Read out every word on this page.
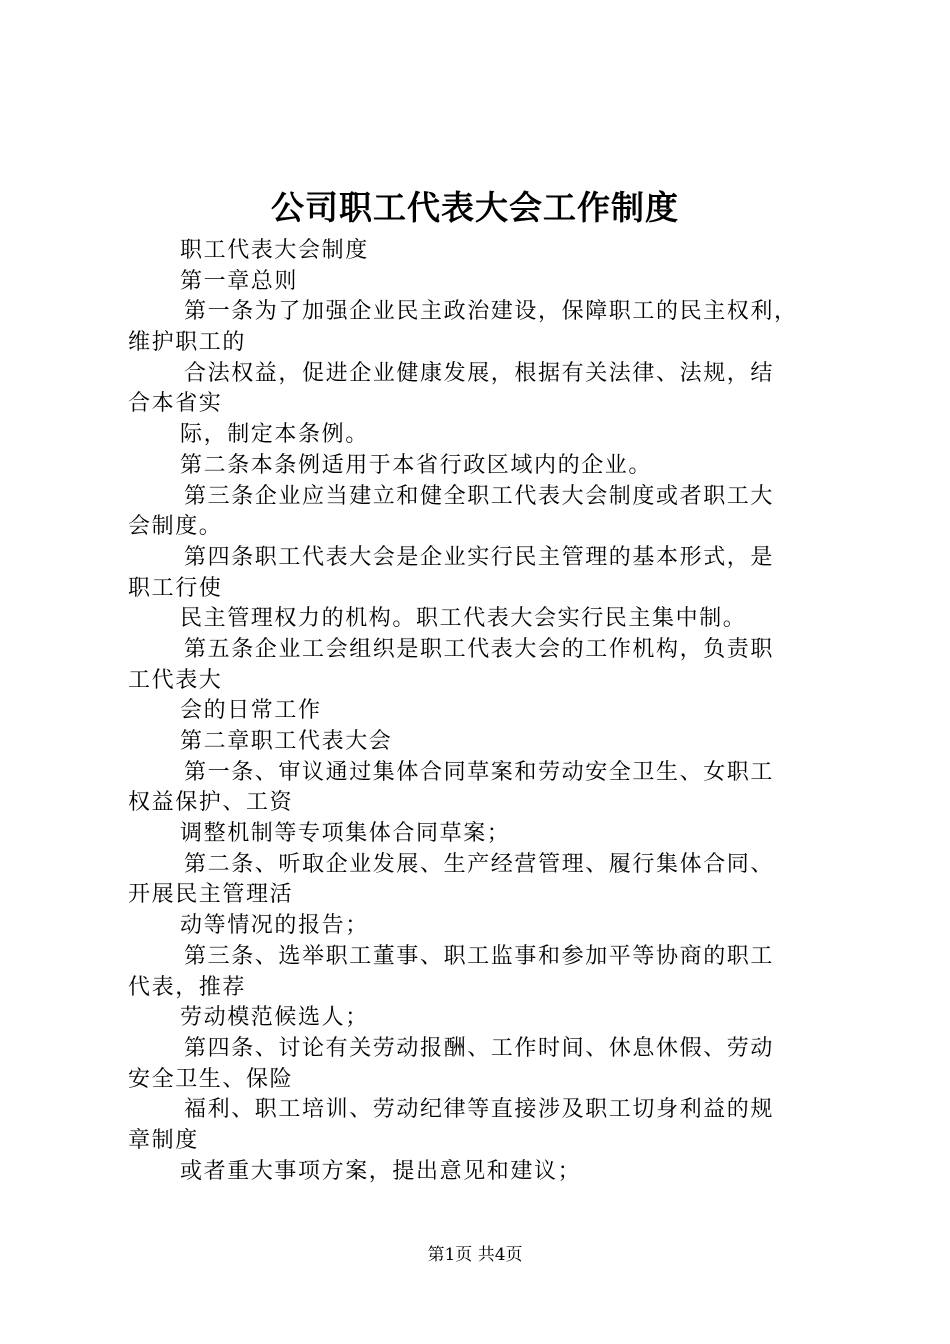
公司职工代表大会工作制度
职工代表大会制度
第一章总则
第一条为了加强企业民主政治建设，保障职工的民主权利，
维护职工的
合法权益，促进企业健康发展，根据有关法律、法规，结
合本省实
际，制定本条例。
第二条本条例适用于本省行政区域内的企业。
第三条企业应当建立和健全职工代表大会制度或者职工大
会制度。
第四条职工代表大会是企业实行民主管理的基本形式，是
职工行使
民主管理权力的机构。职工代表大会实行民主集中制。
第五条企业工会组织是职工代表大会的工作机构，负责职
工代表大
会的日常工作
第二章职工代表大会
第一条、审议通过集体合同草案和劳动安全卫生、女职工
权益保护、工资
调整机制等专项集体合同草案；
第二条、听取企业发展、生产经营管理、履行集体合同、
开展民主管理活
动等情况的报告；
第三条、选举职工董事、职工监事和参加平等协商的职工
代表，推荐
劳动模范候选人；
第四条、讨论有关劳动报酬、工作时间、休息休假、劳动
安全卫生、保险
福利、职工培训、劳动纪律等直接涉及职工切身利益的规
章制度
或者重大事项方案，提出意见和建议；
第1页 共4页
